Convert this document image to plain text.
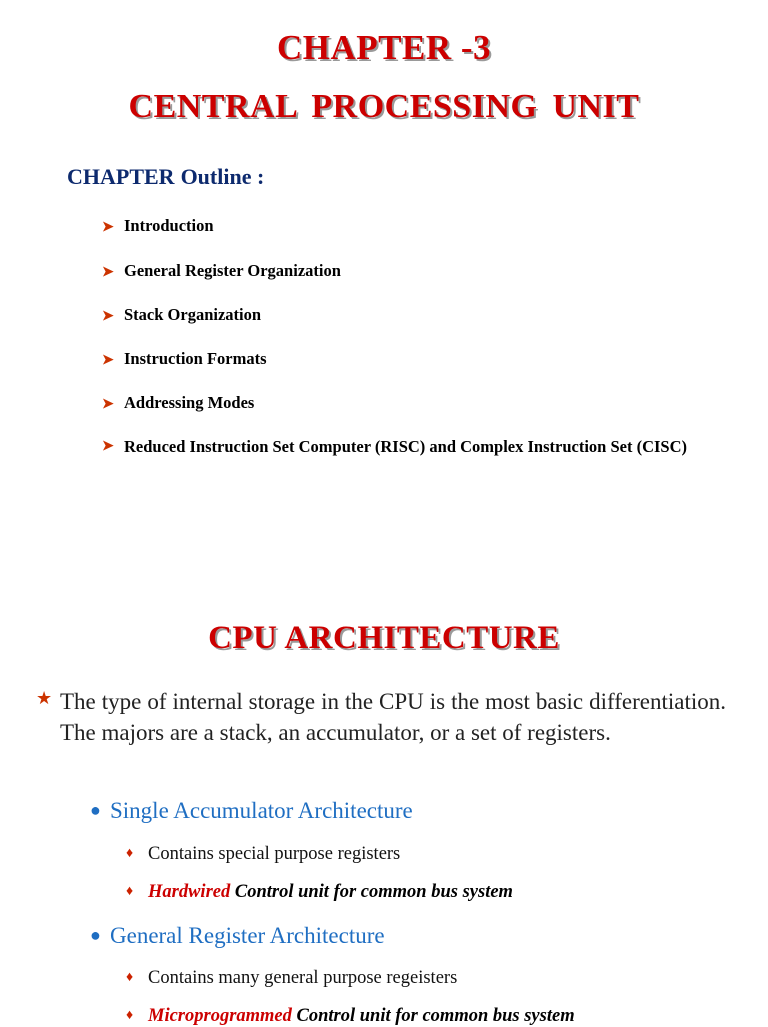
CHAPTER -3
CENTRAL PROCESSING UNIT

CHAPTER Outline :

➤ Introduction
➤ General Register Organization
➤ Stack Organization
➤ Instruction Formats
➤ Addressing Modes
➤ Reduced Instruction Set Computer (RISC) and Complex Instruction Set (CISC)
CPU ARCHITECTURE
★ The type of internal storage in the CPU is the most basic differentiation. The majors are a stack, an accumulator, or a set of registers.
● Single Accumulator Architecture
♦ Contains special purpose registers
♦ Hardwired Control unit for common bus system
● General Register Architecture
♦ Contains many general purpose regeisters
♦ Microprogrammed Control unit for common bus system
